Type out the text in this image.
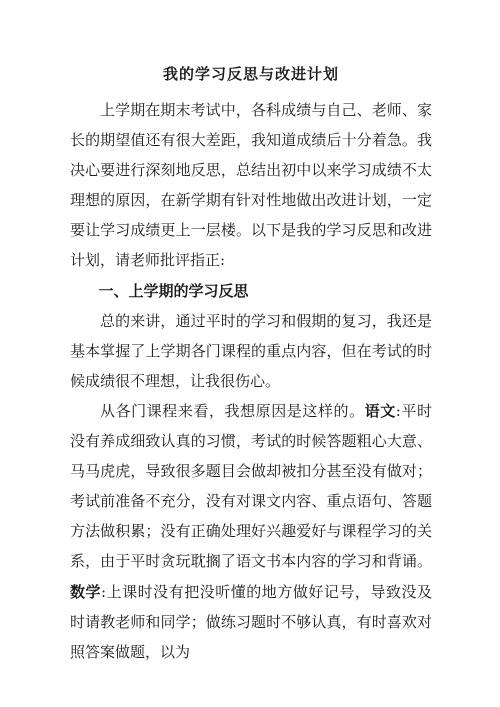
我的学习反思与改进计划

上学期在期末考试中，各科成绩与自己、老师、家长的期望值还有很大差距，我知道成绩后十分着急。我决心要进行深刻地反思，总结出初中以来学习成绩不太理想的原因，在新学期有针对性地做出改进计划，一定要让学习成绩更上一层楼。以下是我的学习反思和改进计划，请老师批评指正:

一、上学期的学习反思

总的来讲，通过平时的学习和假期的复习，我还是基本掌握了上学期各门课程的重点内容，但在考试的时候成绩很不理想，让我很伤心。

从各门课程来看，我想原因是这样的。语文:平时没有养成细致认真的习惯，考试的时候答题粗心大意、马马虎虎，导致很多题目会做却被扣分甚至没有做对；考试前准备不充分，没有对课文内容、重点语句、答题方法做积累；没有正确处理好兴趣爱好与课程学习的关系，由于平时贪玩耽搁了语文书本内容的学习和背诵。数学:上课时没有把没听懂的地方做好记号，导致没及时请教老师和同学；做练习题时不够认真，有时喜欢对照答案做题，以为
